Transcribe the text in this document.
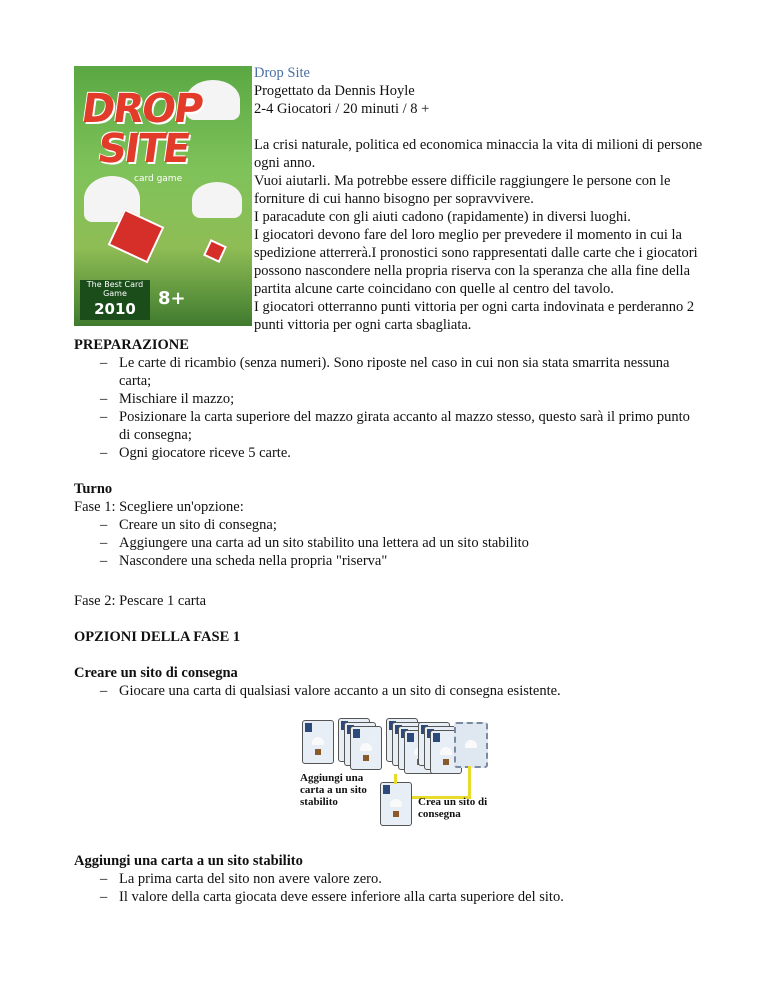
DROP
SITE
card game
The Best Card Game
2010	8+

Drop Site

Progettato da Dennis Hoyle

2-4 Giocatori / 20 minuti / 8 +

La crisi naturale, politica ed economica minaccia la vita di milioni di persone ogni anno.

Vuoi aiutarli. Ma potrebbe essere difficile raggiungere le persone con le forniture di cui hanno bisogno per sopravvivere.

I paracadute con gli aiuti cadono (rapidamente) in diversi luoghi.

I giocatori devono fare del loro meglio per prevedere il momento in cui la spedizione atterrerà.I pronostici sono rappresentati dalle carte che i giocatori possono nascondere nella propria riserva con la speranza che alla fine della partita alcune carte coincidano con quelle al centro del tavolo.

I giocatori otterranno punti vittoria per ogni carta indovinata e perderanno 2 punti vittoria per ogni carta sbagliata.

PREPARAZIONE

– Le carte di ricambio (senza numeri). Sono riposte nel caso in cui non sia stata smarrita nessuna carta;
– Mischiare il mazzo;
– Posizionare la carta superiore del mazzo girata accanto al mazzo stesso, questo sarà il primo punto di consegna;
– Ogni giocatore riceve 5 carte.

Turno

Fase 1: Scegliere un'opzione:

– Creare un sito di consegna;
– Aggiungere una carta ad un sito stabilito una lettera ad un sito stabilito
– Nascondere una scheda nella propria "riserva"

Fase 2: Pescare 1 carta

OPZIONI DELLA FASE 1

Creare un sito di consegna

– Giocare una carta di qualsiasi valore accanto a un sito di consegna esistente.
Aggiungi una carta a un sito stabilito	Crea un sito di consegna

Aggiungi una carta a un sito stabilito

– La prima carta del sito non avere valore zero.
– Il valore della carta giocata deve essere inferiore alla carta superiore del sito.
